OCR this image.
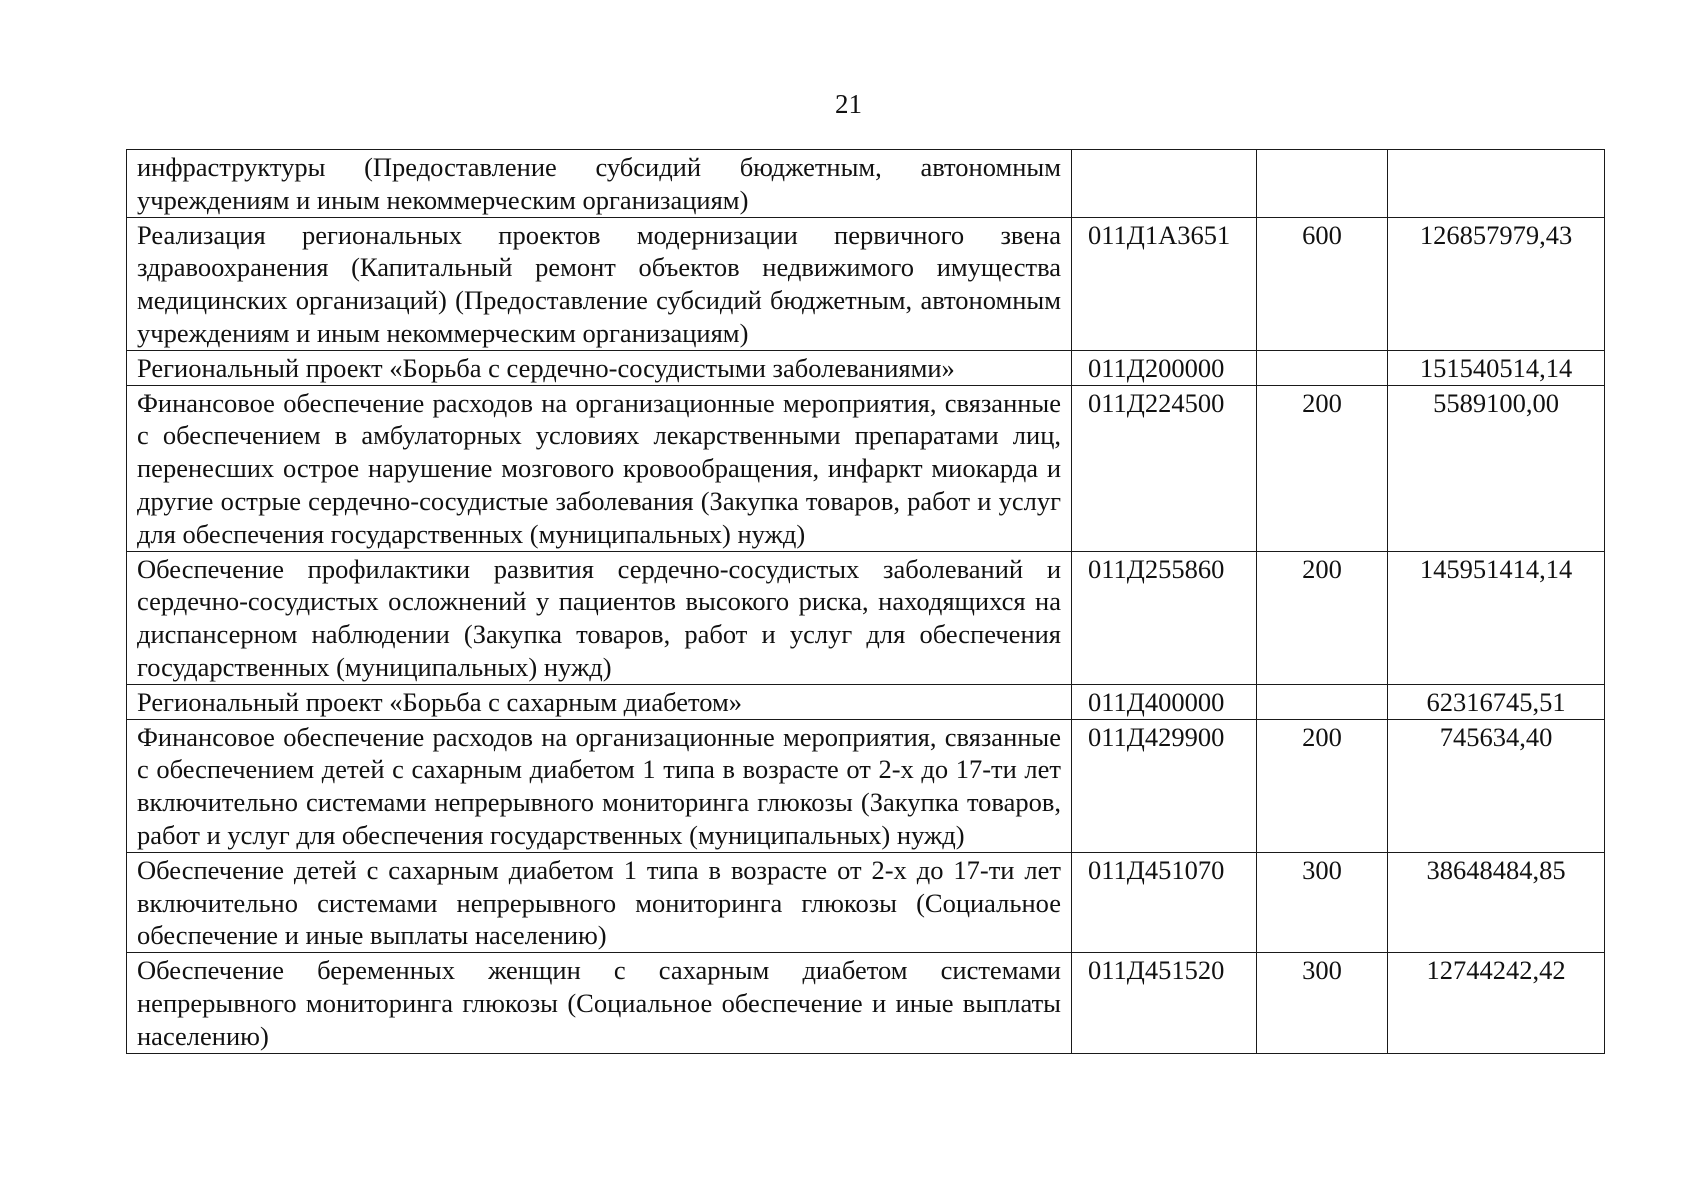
21
инфраструктуры (Предоставление субсидий бюджетным, автономным учреждениям и иным некоммерческим организациям)			
Реализация региональных проектов модернизации первичного звена здравоохранения (Капитальный ремонт объектов недвижимого имущества медицинских организаций) (Предоставление субсидий бюджетным, автономным учреждениям и иным некоммерческим организациям)	011Д1А3651	600	126857979,43
Региональный проект «Борьба с сердечно-сосудистыми заболеваниями»	011Д200000		151540514,14
Финансовое обеспечение расходов на организационные мероприятия, связанные с обеспечением в амбулаторных условиях лекарственными препаратами лиц, перенесших острое нарушение мозгового кровообращения, инфаркт миокарда и другие острые сердечно-сосудистые заболевания (Закупка товаров, работ и услуг для обеспечения государственных (муниципальных) нужд)	011Д224500	200	5589100,00
Обеспечение профилактики развития сердечно-сосудистых заболеваний и сердечно-сосудистых осложнений у пациентов высокого риска, находящихся на диспансерном наблюдении (Закупка товаров, работ и услуг для обеспечения государственных (муниципальных) нужд)	011Д255860	200	145951414,14
Региональный проект «Борьба с сахарным диабетом»	011Д400000		62316745,51
Финансовое обеспечение расходов на организационные мероприятия, связанные с обеспечением детей с сахарным диабетом 1 типа в возрасте от 2-х до 17-ти лет включительно системами непрерывного мониторинга глюкозы (Закупка товаров, работ и услуг для обеспечения государственных (муниципальных) нужд)	011Д429900	200	745634,40
Обеспечение детей с сахарным диабетом 1 типа в возрасте от 2-х до 17-ти лет включительно системами непрерывного мониторинга глюкозы (Социальное обеспечение и иные выплаты населению)	011Д451070	300	38648484,85
Обеспечение беременных женщин с сахарным диабетом системами непрерывного мониторинга глюкозы (Социальное обеспечение и иные выплаты населению)	011Д451520	300	12744242,42
